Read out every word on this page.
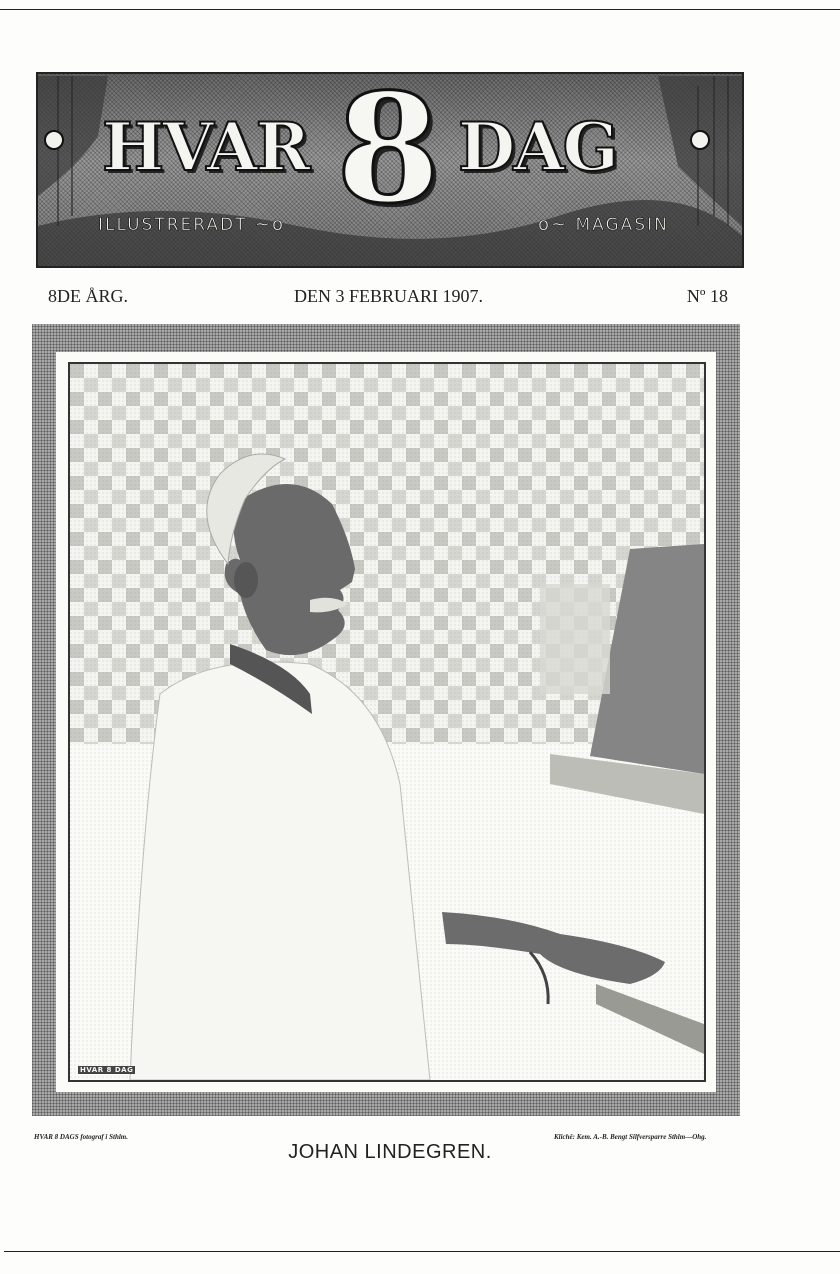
HVAR 8 DAG
ILLUSTRERADT ~o	o~ MAGASIN
8DE ÅRG.	DEN 3 FEBRUARI 1907.	Nº 18
HVAR 8 DAG
HVAR 8 DAGS fotograf i Sthlm.	Klichê: Kem. A.-B. Bengt Silfversparre Sthlm—Ohg.
JOHAN LINDEGREN.
